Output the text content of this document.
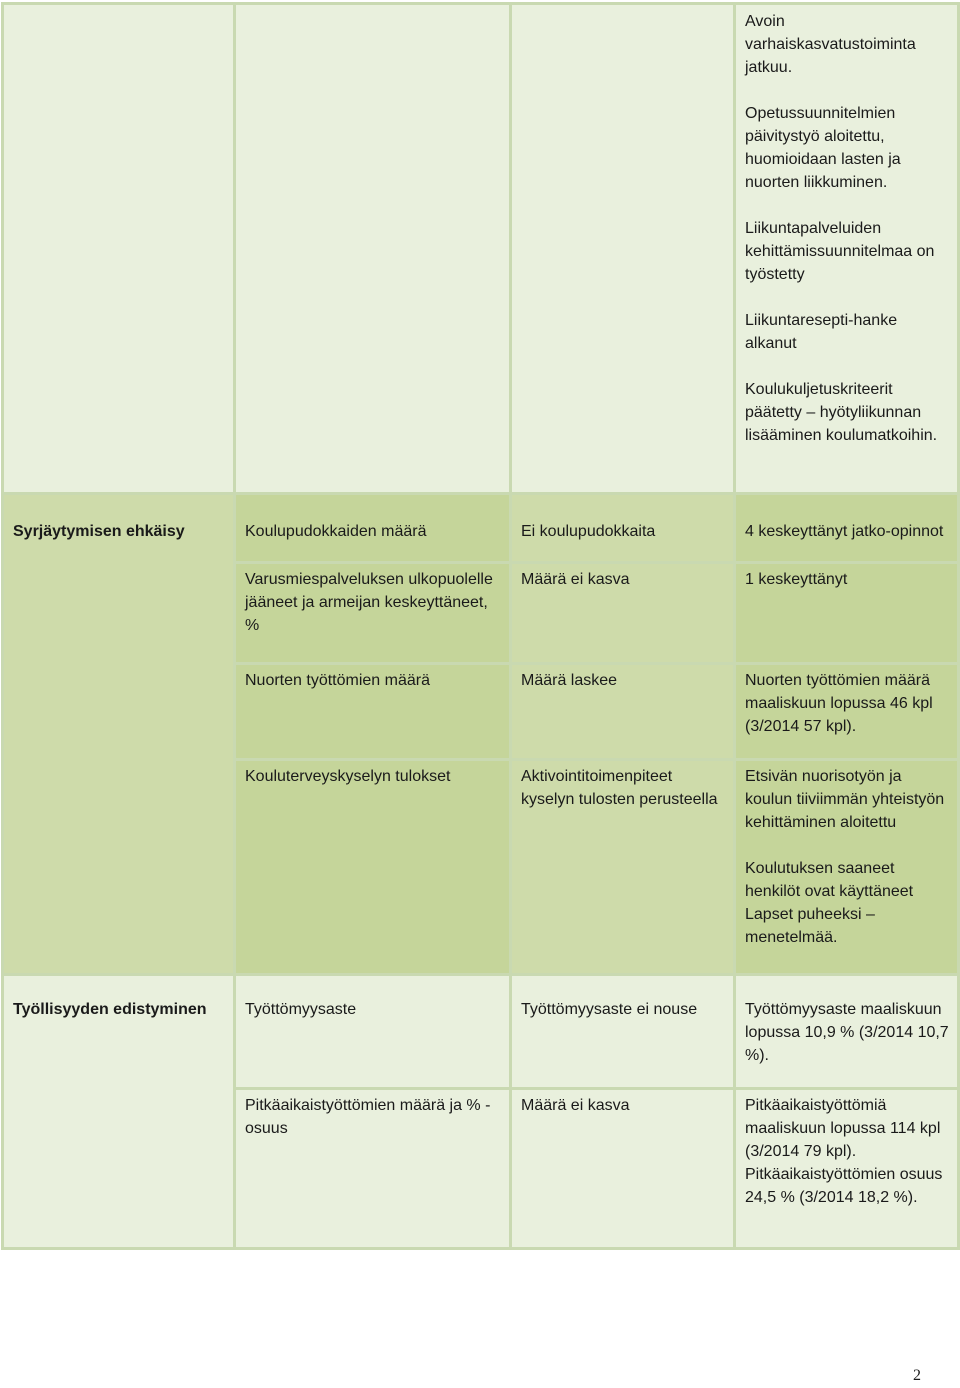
			Avoin varhaiskasvatustoiminta jatkuu.
Opetussuunnitelmien päivitystyö aloitettu, huomioidaan lasten ja nuorten liikkuminen.
Liikuntapalveluiden kehittämissuunnitelmaa on työstetty
Liikuntaresepti-hanke alkanut
Koulukuljetuskriteerit päätetty – hyötyliikunnan lisääminen koulumatkoihin.

Syrjäytymisen ehkäisy	Koulupudokkaiden määrä	Ei koulupudokkaita	4 keskeyttänyt jatko-opinnot

	Varusmiespalveluksen ulkopuolelle jääneet ja armeijan keskeyttäneet, %	Määrä ei kasva	1 keskeyttänyt

	Nuorten työttömien määrä	Määrä laskee	Nuorten työttömien määrä maaliskuun lopussa 46 kpl (3/2014 57 kpl).

	Kouluterveyskyselyn tulokset	Aktivointitoimenpiteet kyselyn tulosten perusteella	Etsivän nuorisotyön ja koulun tiiviimmän yhteistyön kehittäminen aloitettu
Koulutuksen saaneet henkilöt ovat käyttäneet Lapset puheeksi – menetelmää.

Työllisyyden edistyminen	Työttömyysaste	Työttömyysaste ei nouse	Työttömyysaste maaliskuun lopussa 10,9 % (3/2014 10,7 %).

	Pitkäaikaistyöttömien määrä ja % -osuus	Määrä ei kasva	Pitkäaikaistyöttömiä maaliskuun lopussa 114 kpl (3/2014 79 kpl). Pitkäaikaistyöttömien osuus 24,5 % (3/2014 18,2 %).
2
